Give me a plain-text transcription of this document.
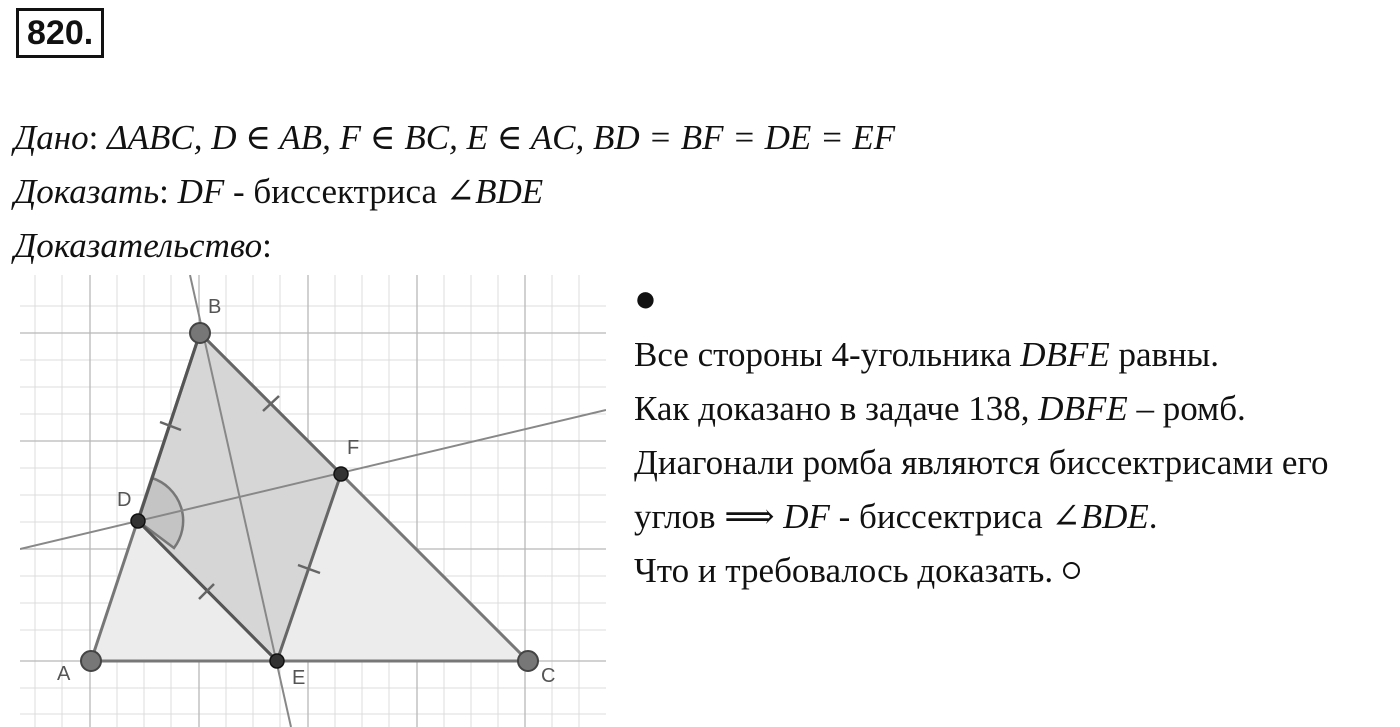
820.
Дано: ΔABC, D ∈ AB, F ∈ BC, E ∈ AC, BD = BF = DE = EF
Доказать: DF - биссектриса ∠BDE
Доказательство:
A
B
C
D
E
F
●
Все стороны 4-угольника DBFE равны.
Как доказано в задаче 138, DBFE – ромб.
Диагонали ромба являются биссектрисами его
углов ⟹ DF - биссектриса ∠BDE.
Что и требовалось доказать.
